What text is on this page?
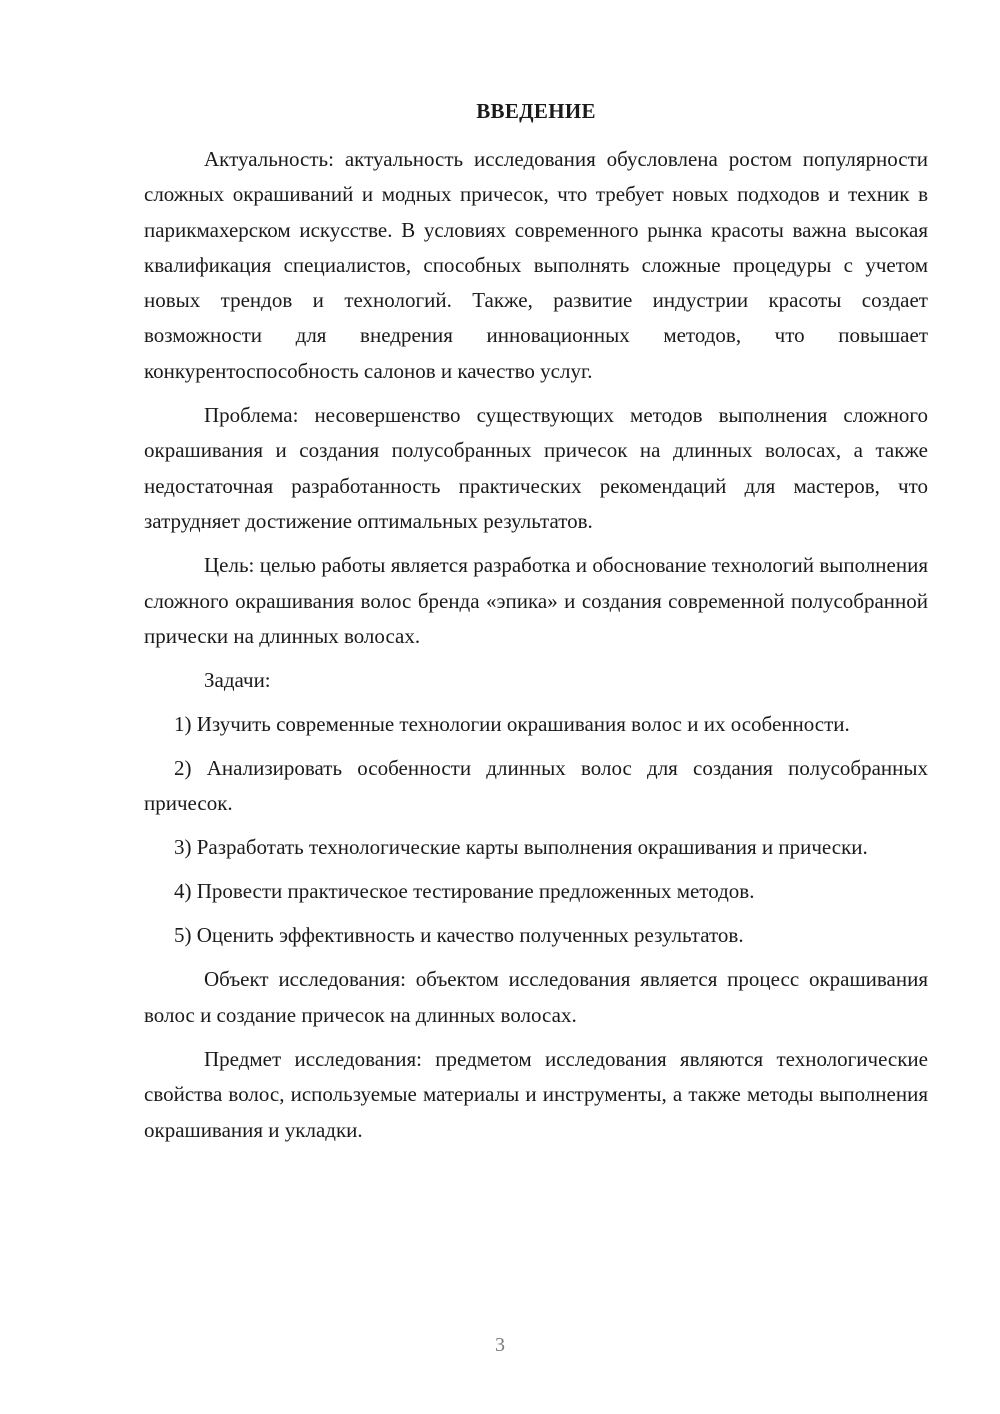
ВВЕДЕНИЕ

Актуальность: актуальность исследования обусловлена ростом популярности сложных окрашиваний и модных причесок, что требует новых подходов и техник в парикмахерском искусстве. В условиях современного рынка красоты важна высокая квалификация специалистов, способных выполнять сложные процедуры с учетом новых трендов и технологий. Также, развитие индустрии красоты создает возможности для внедрения инновационных методов, что повышает конкурентоспособность салонов и качество услуг.

Проблема: несовершенство существующих методов выполнения сложного окрашивания и создания полусобранных причесок на длинных волосах, а также недостаточная разработанность практических рекомендаций для мастеров, что затрудняет достижение оптимальных результатов.

Цель: целью работы является разработка и обоснование технологий выполнения сложного окрашивания волос бренда «эпика» и создания современной полусобранной прически на длинных волосах.

Задачи:

1) Изучить современные технологии окрашивания волос и их особенности.

2) Анализировать особенности длинных волос для создания полусобранных причесок.

3) Разработать технологические карты выполнения окрашивания и прически.

4) Провести практическое тестирование предложенных методов.

5) Оценить эффективность и качество полученных результатов.

Объект исследования: объектом исследования является процесс окрашивания волос и создание причесок на длинных волосах.

Предмет исследования: предметом исследования являются технологические свойства волос, используемые материалы и инструменты, а также методы выполнения окрашивания и укладки.

3
